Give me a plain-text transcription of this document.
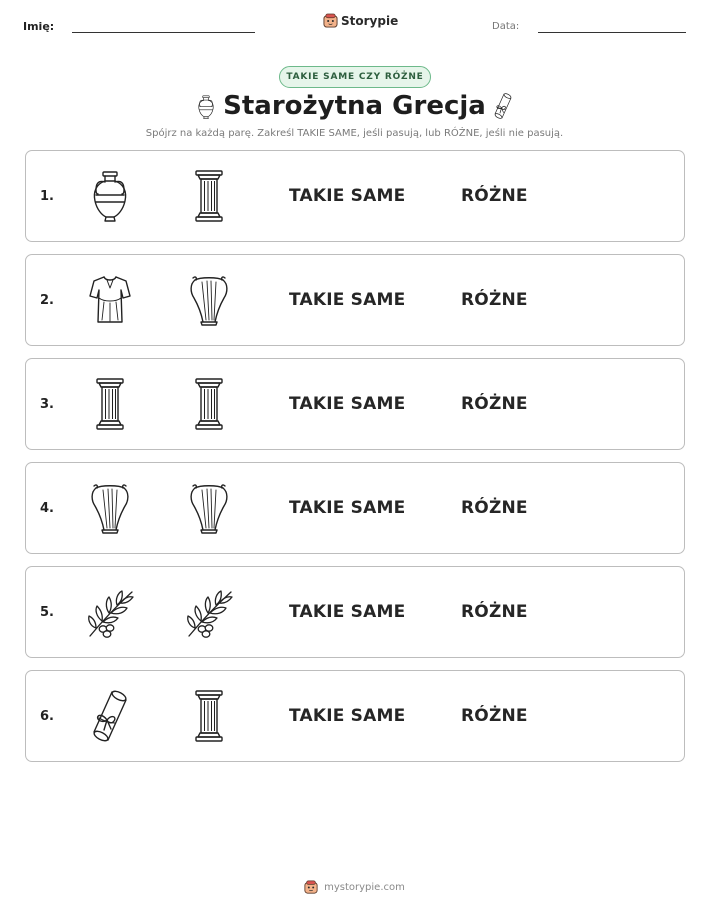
Imię:	Storypie	Data:
TAKIE SAME CZY RÓŻNE
Starożytna Grecja
Spójrz na każdą parę. Zakreśl TAKIE SAME, jeśli pasują, lub RÓŻNE, jeśli nie pasują.
1.	TAKIE SAME	RÓŻNE
2.	TAKIE SAME	RÓŻNE
3.	TAKIE SAME	RÓŻNE
4.	TAKIE SAME	RÓŻNE
5.	TAKIE SAME	RÓŻNE
6.	TAKIE SAME	RÓŻNE
mystorypie.com
